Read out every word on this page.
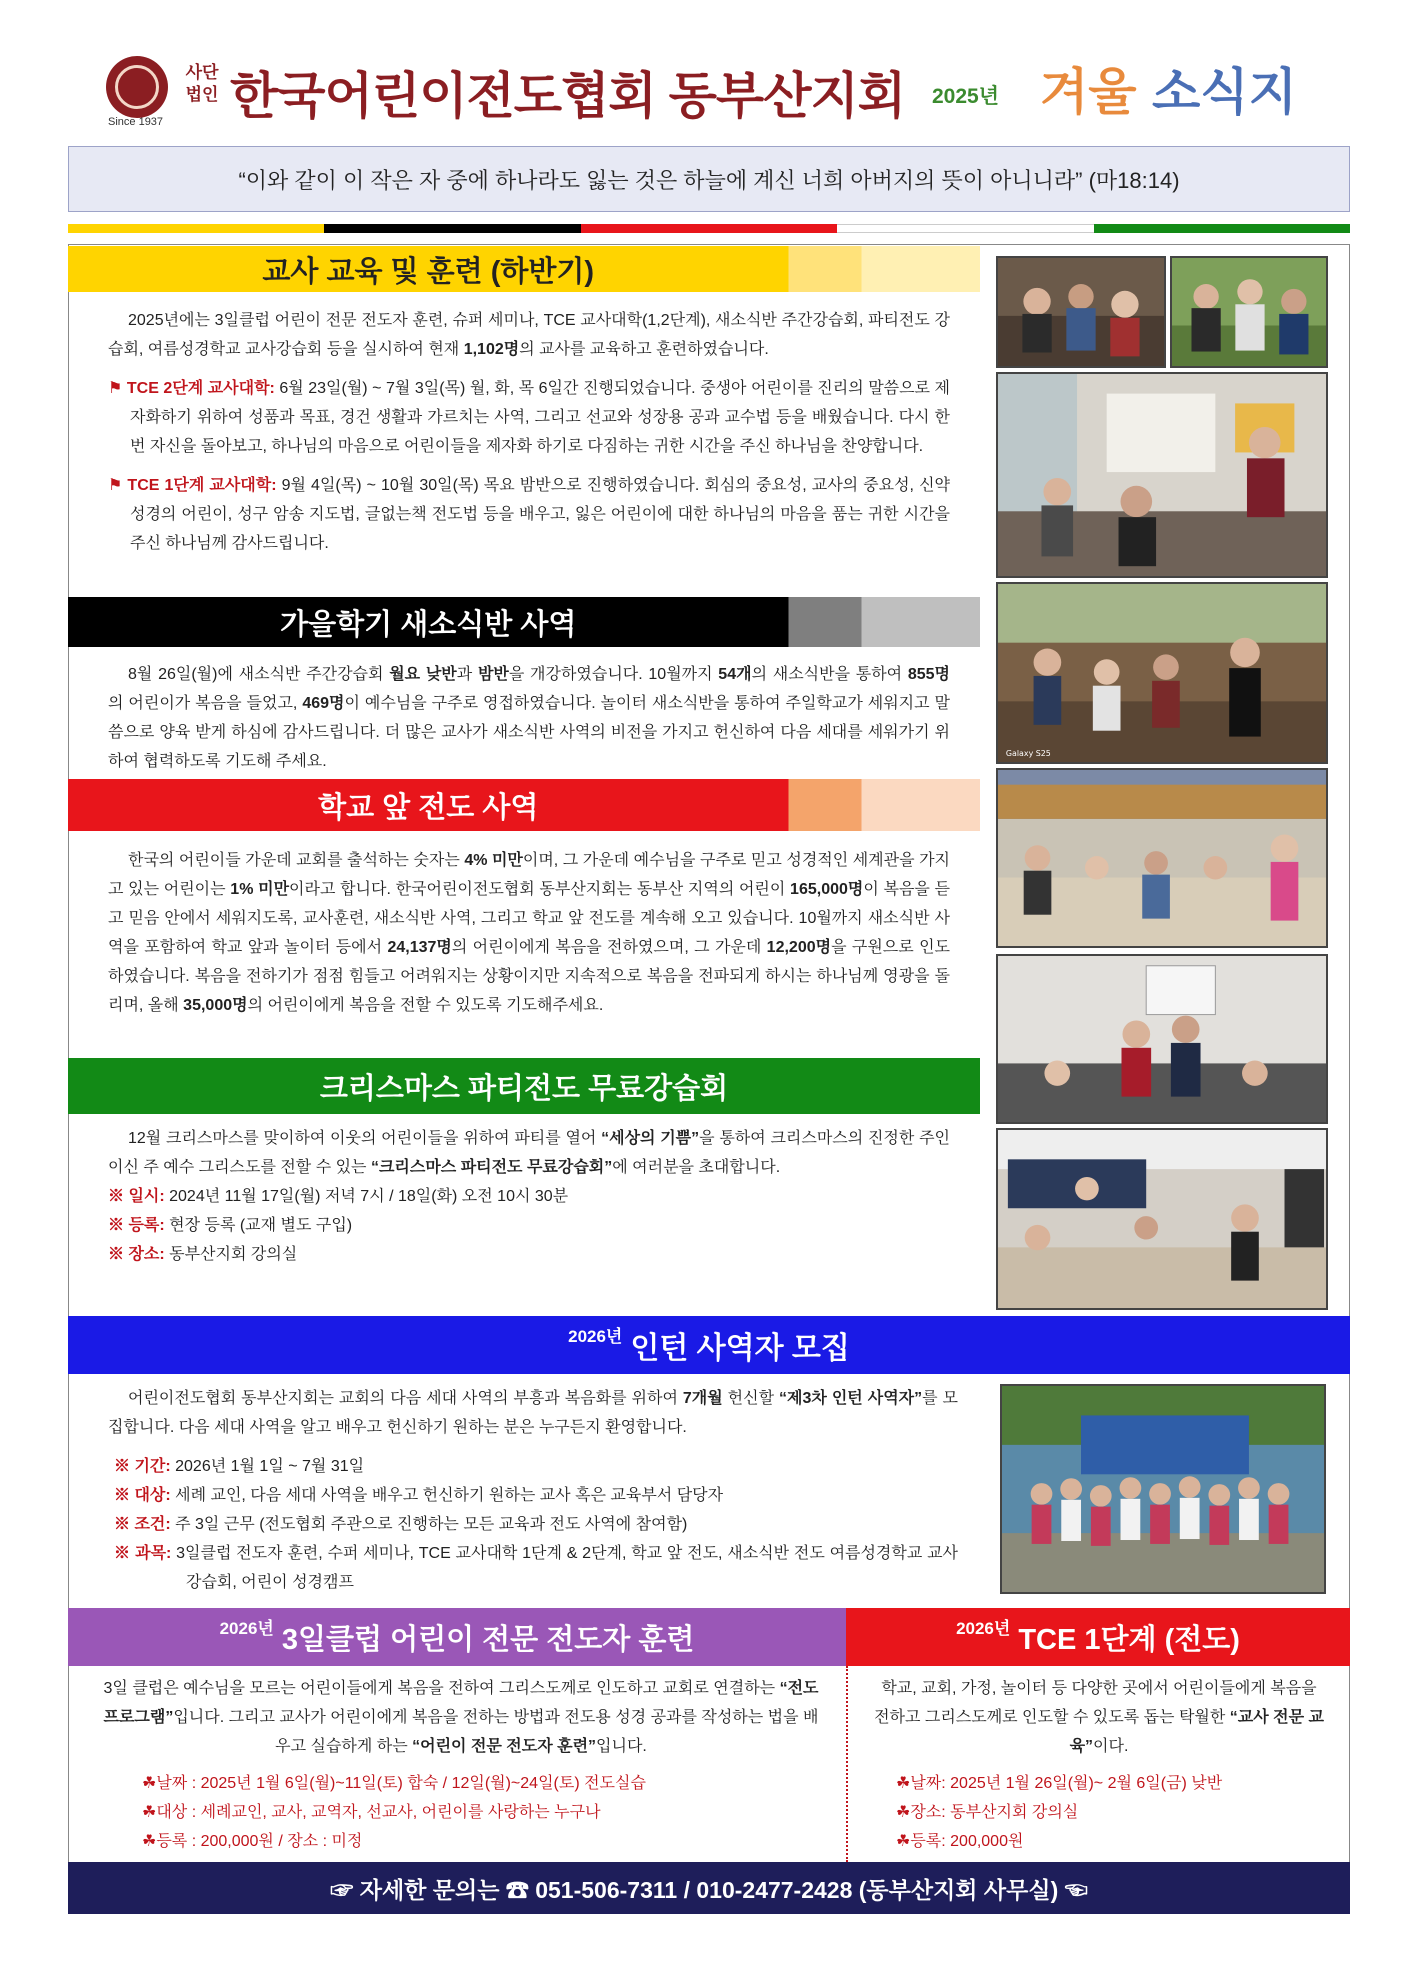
Since 1937
사단 법인 한국어린이전도협회 동부산지회 2025년 겨울 소식지
“이와 같이 이 작은 자 중에 하나라도 잃는 것은 하늘에 계신 너희 아버지의 뜻이 아니니라” (마18:14)
교사 교육 및 훈련 (하반기)

2025년에는 3일클럽 어린이 전문 전도자 훈련, 슈퍼 세미나, TCE 교사대학(1,2단계), 새소식반 주간강습회, 파티전도 강습회, 여름성경학교 교사강습회 등을 실시하여 현재 1,102명의 교사를 교육하고 훈련하였습니다.

⚑ TCE 2단계 교사대학: 6월 23일(월) ~ 7월 3일(목) 월, 화, 목 6일간 진행되었습니다. 중생아 어린이를 진리의 말씀으로 제자화하기 위하여 성품과 목표, 경건 생활과 가르치는 사역, 그리고 선교와 성장용 공과 교수법 등을 배웠습니다. 다시 한번 자신을 돌아보고, 하나님의 마음으로 어린이들을 제자화 하기로 다짐하는 귀한 시간을 주신 하나님을 찬양합니다.
⚑ TCE 1단계 교사대학: 9월 4일(목) ~ 10월 30일(목) 목요 밤반으로 진행하였습니다. 회심의 중요성, 교사의 중요성, 신약성경의 어린이, 성구 암송 지도법, 글없는책 전도법 등을 배우고, 잃은 어린이에 대한 하나님의 마음을 품는 귀한 시간을 주신 하나님께 감사드립니다.
가을학기 새소식반 사역

8월 26일(월)에 새소식반 주간강습회 월요 낮반과 밤반을 개강하였습니다. 10월까지 54개의 새소식반을 통하여 855명의 어린이가 복음을 들었고, 469명이 예수님을 구주로 영접하였습니다. 놀이터 새소식반을 통하여 주일학교가 세워지고 말씀으로 양육 받게 하심에 감사드립니다. 더 많은 교사가 새소식반 사역의 비전을 가지고 헌신하여 다음 세대를 세워가기 위하여 협력하도록 기도해 주세요.

학교 앞 전도 사역

한국의 어린이들 가운데 교회를 출석하는 숫자는 4% 미만이며, 그 가운데 예수님을 구주로 믿고 성경적인 세계관을 가지고 있는 어린이는 1% 미만이라고 합니다. 한국어린이전도협회 동부산지회는 동부산 지역의 어린이 165,000명이 복음을 듣고 믿음 안에서 세워지도록, 교사훈련, 새소식반 사역, 그리고 학교 앞 전도를 계속해 오고 있습니다. 10월까지 새소식반 사역을 포함하여 학교 앞과 놀이터 등에서 24,137명의 어린이에게 복음을 전하였으며, 그 가운데 12,200명을 구원으로 인도하였습니다. 복음을 전하기가 점점 힘들고 어려워지는 상황이지만 지속적으로 복음을 전파되게 하시는 하나님께 영광을 돌리며, 올해 35,000명의 어린이에게 복음을 전할 수 있도록 기도해주세요.

크리스마스 파티전도 무료강습회

12월 크리스마스를 맞이하여 이웃의 어린이들을 위하여 파티를 열어 “세상의 기쁨”을 통하여 크리스마스의 진정한 주인이신 주 예수 그리스도를 전할 수 있는 “크리스마스 파티전도 무료강습회”에 여러분을 초대합니다.

※ 일시: 2024년 11월 17일(월) 저녁 7시 / 18일(화) 오전 10시 30분
※ 등록: 현장 등록 (교재 별도 구입)
※ 장소: 동부산지회 강의실
2026년 인턴 사역자 모집

어린이전도협회 동부산지회는 교회의 다음 세대 사역의 부흥과 복음화를 위하여 7개월 헌신할 “제3차 인턴 사역자”를 모집합니다. 다음 세대 사역을 알고 배우고 헌신하기 원하는 분은 누구든지 환영합니다.

※ 기간: 2026년 1월 1일 ~ 7월 31일
※ 대상: 세례 교인, 다음 세대 사역을 배우고 헌신하기 원하는 교사 혹은 교육부서 담당자
※ 조건: 주 3일 근무 (전도협회 주관으로 진행하는 모든 교육과 전도 사역에 참여함)
※ 과목: 3일클럽 전도자 훈련, 수퍼 세미나, TCE 교사대학 1단계 & 2단계, 학교 앞 전도, 새소식반 전도 여름성경학교 교사강습회, 어린이 성경캠프
2026년 3일클럽 어린이 전문 전도자 훈련
3일 클럽은 예수님을 모르는 어린이들에게 복음을 전하여 그리스도께로 인도하고 교회로 연결하는 “전도 프로그램”입니다. 그리고 교사가 어린이에게 복음을 전하는 방법과 전도용 성경 공과를 작성하는 법을 배우고 실습하게 하는 “어린이 전문 전도자 훈련”입니다.
☘날짜 : 2025년 1월 6일(월)~11일(토) 합숙 / 12일(월)~24일(토) 전도실습
☘대상 : 세례교인, 교사, 교역자, 선교사, 어린이를 사랑하는 누구나
☘등록 : 200,000원 / 장소 : 미정
2026년 TCE 1단계 (전도)
학교, 교회, 가정, 놀이터 등 다양한 곳에서 어린이들에게 복음을 전하고 그리스도께로 인도할 수 있도록 돕는 탁월한 “교사 전문 교육”이다.
☘날짜: 2025년 1월 26일(월)~ 2월 6일(금) 낮반
☘장소: 동부산지회 강의실
☘등록: 200,000원
Galaxy S25
☞ 자세한 문의는 ☎ 051-506-7311 / 010-2477-2428 (동부산지회 사무실) ☜
